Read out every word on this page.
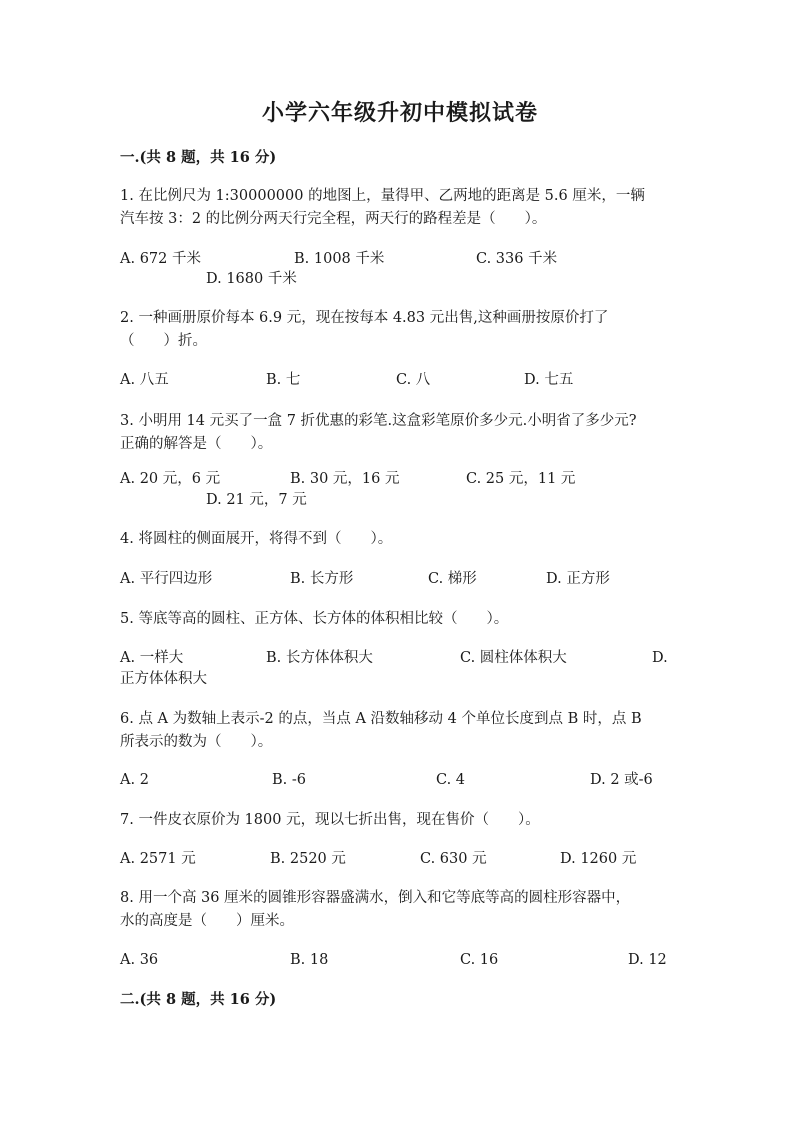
小学六年级升初中模拟试卷
一.(共 8 题，共 16 分)
1. 在比例尺为 1:30000000 的地图上，量得甲、乙两地的距离是 5.6 厘米，一辆
汽车按 3：2 的比例分两天行完全程，两天行的路程差是（　　）。
A. 672 千米	B. 1008 千米	C. 336 千米
D. 1680 千米
2. 一种画册原价每本 6.9 元，现在按每本 4.83 元出售,这种画册按原价打了
（　　）折。
A. 八五	B. 七	C. 八	D. 七五
3. 小明用 14 元买了一盒 7 折优惠的彩笔.这盒彩笔原价多少元.小明省了多少元?
正确的解答是（　　）。
A. 20 元，6 元	B. 30 元，16 元	C. 25 元，11 元
D. 21 元，7 元
4. 将圆柱的侧面展开，将得不到（　　）。
A. 平行四边形	B. 长方形	C. 梯形	D. 正方形
5. 等底等高的圆柱、正方体、长方体的体积相比较（　　）。
A. 一样大	B. 长方体体积大	C. 圆柱体体积大	D.
正方体体积大
6. 点 A 为数轴上表示-2 的点，当点 A 沿数轴移动 4 个单位长度到点 B 时，点 B
所表示的数为（　　）。
A. 2	B. -6	C. 4	D. 2 或-6
7. 一件皮衣原价为 1800 元，现以七折出售，现在售价（　　）。
A. 2571 元	B. 2520 元	C. 630 元	D. 1260 元
8. 用一个高 36 厘米的圆锥形容器盛满水，倒入和它等底等高的圆柱形容器中，
水的高度是（　　）厘米。
A. 36	B. 18	C. 16	D. 12
二.(共 8 题，共 16 分)
